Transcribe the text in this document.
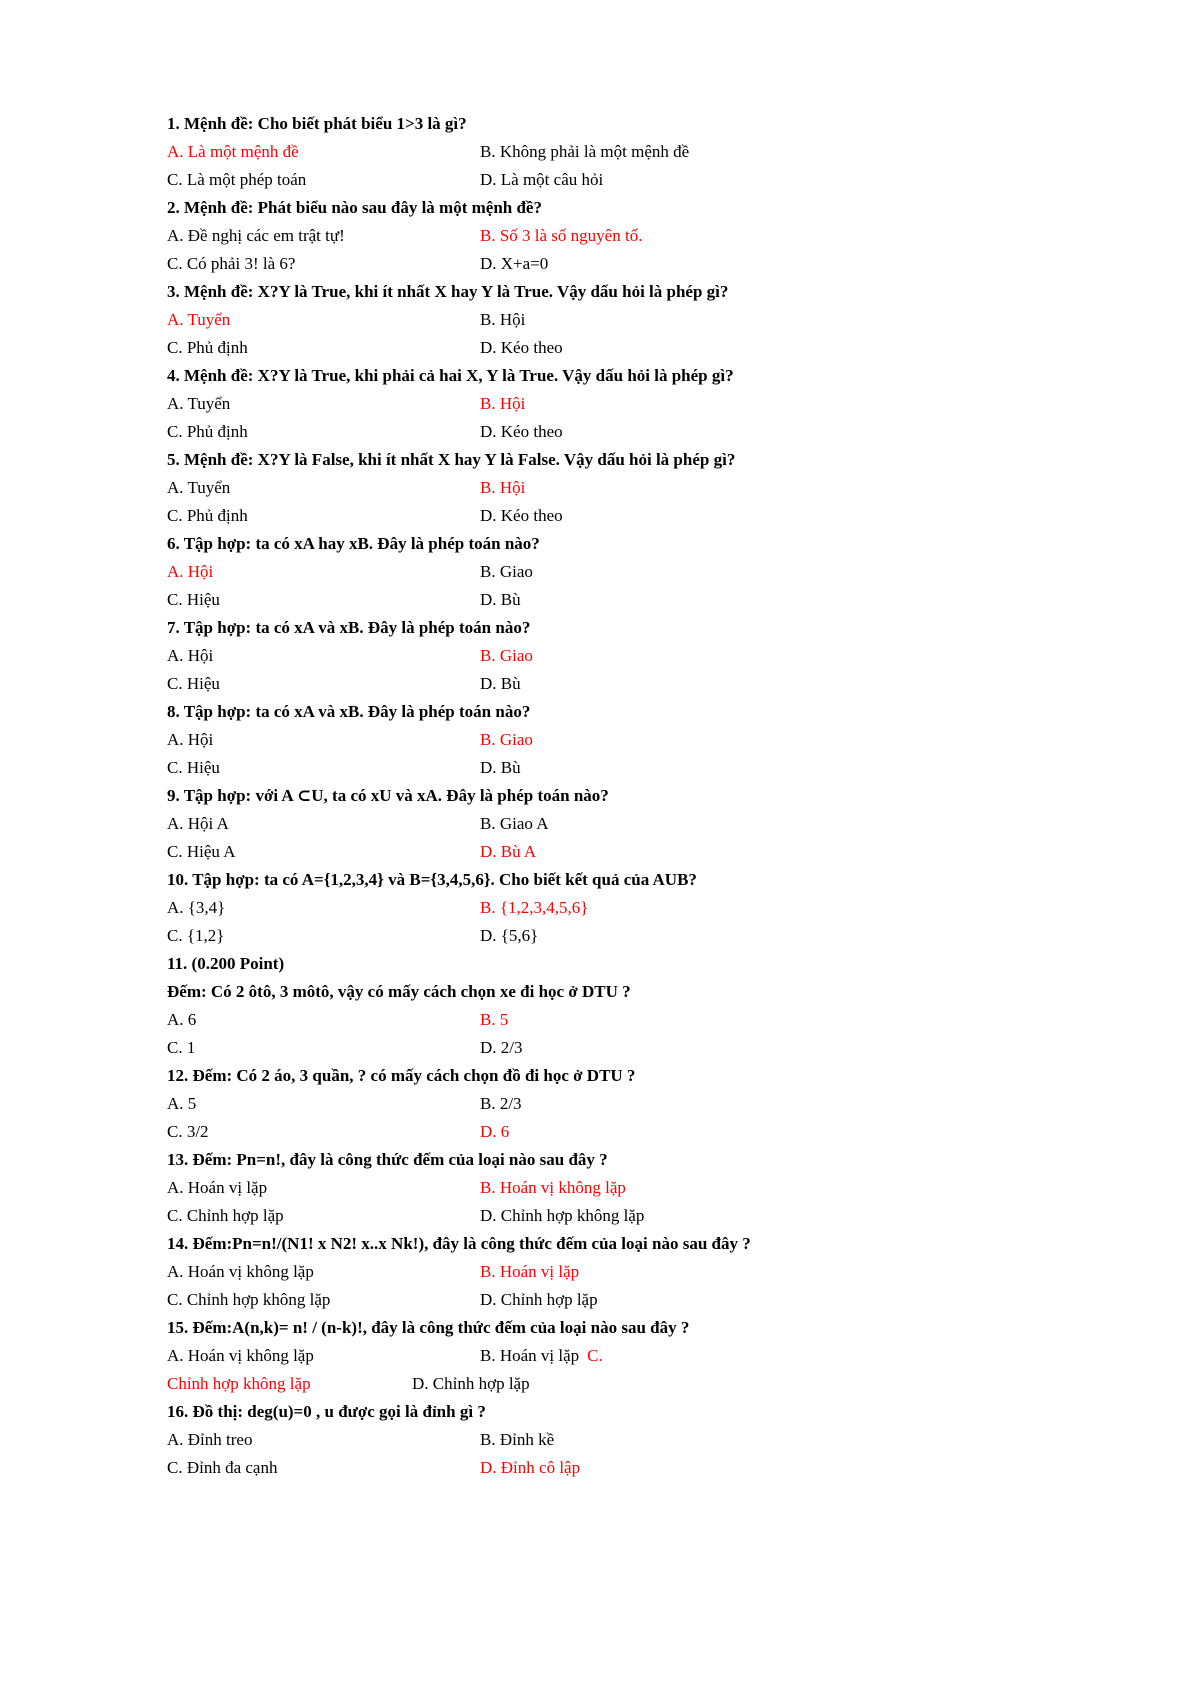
1. Mệnh đề: Cho biết phát biểu 1>3 là gì?
A. Là một mệnh đề	B. Không phải là một mệnh đề
C. Là một phép toán	D. Là một câu hỏi
2. Mệnh đề: Phát biểu nào sau đây là một mệnh đề?
A. Đề nghị các em trật tự!	B. Số 3 là số nguyên tố.
C. Có phải 3! là 6?	D. X+a=0
3. Mệnh đề: X?Y là True, khi ít nhất X hay Y là True. Vậy dấu hỏi là phép gì?
A. Tuyển	B. Hội
C. Phủ định	D. Kéo theo
4. Mệnh đề: X?Y là True, khi phải cả hai X, Y là True. Vậy dấu hỏi là phép gì?
A. Tuyển	B. Hội
C. Phủ định	D. Kéo theo
5. Mệnh đề: X?Y là False, khi ít nhất X hay Y là False. Vậy dấu hỏi là phép gì?
A. Tuyển	B. Hội
C. Phủ định	D. Kéo theo
6. Tập hợp: ta có xA hay xB. Đây là phép toán nào?
A. Hội	B. Giao
C. Hiệu	D. Bù
7. Tập hợp: ta có xA và xB. Đây là phép toán nào?
A. Hội	B. Giao
C. Hiệu	D. Bù
8. Tập hợp: ta có xA và xB. Đây là phép toán nào?
A. Hội	B. Giao
C. Hiệu	D. Bù
9. Tập hợp: với A ⊂U, ta có xU và xA. Đây là phép toán nào?
A. Hội A	B. Giao A
C. Hiệu A	D. Bù A
10. Tập hợp: ta có A={1,2,3,4} và B={3,4,5,6}. Cho biết kết quả của AUB?
A. {3,4}	B. {1,2,3,4,5,6}
C. {1,2}	D. {5,6}
11. (0.200 Point)
Đếm: Có 2 ôtô, 3 môtô, vậy có mấy cách chọn xe đi học ở DTU ?
A. 6	B. 5
C. 1	D. 2/3
12. Đếm: Có 2 áo, 3 quần, ? có mấy cách chọn đồ đi học ở DTU ?
A. 5	B. 2/3
C. 3/2	D. 6
13. Đếm: Pn=n!, đây là công thức đếm của loại nào sau đây ?
A. Hoán vị lặp	B. Hoán vị không lặp
C. Chỉnh hợp lặp	D. Chỉnh hợp không lặp
14. Đếm:Pn=n!/(N1! x N2! x..x Nk!), đây là công thức đếm của loại nào sau đây ?
A. Hoán vị không lặp	B. Hoán vị lặp
C. Chỉnh hợp không lặp	D. Chỉnh hợp lặp
15. Đếm:A(n,k)= n! / (n-k)!, đây là công thức đếm của loại nào sau đây ?
A. Hoán vị không lặp	B. Hoán vị lặp C.
Chỉnh hợp không lặp	D. Chỉnh hợp lặp
16. Đồ thị: deg(u)=0 , u được gọi là đỉnh gì ?
A. Đỉnh treo	B. Đỉnh kề
C. Đỉnh đa cạnh	D. Đỉnh cô lập
